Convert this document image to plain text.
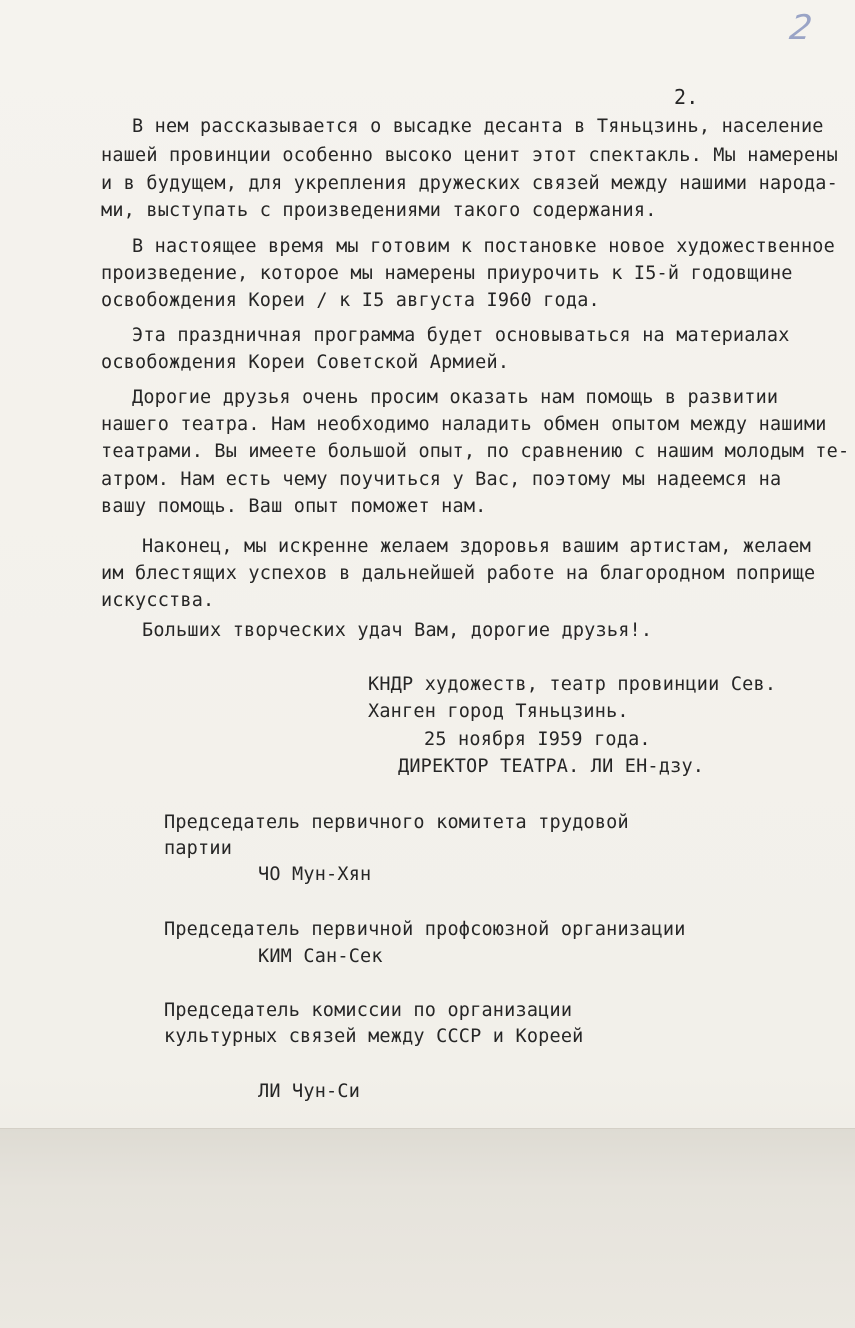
2
2.
В нем рассказывается о высадке десанта в Тяньцзинь, население
нашей провинции особенно высоко ценит этот спектакль. Мы намерены
и в будущем, для укрепления дружеских связей между нашими народа-
ми, выступать с произведениями такого содержания.
В настоящее время мы готовим к постановке новое художественное
произведение, которое мы намерены приурочить к I5-й годовщине
освобождения Кореи / к I5 августа I960 года.
Эта праздничная программа будет основываться на материалах
освобождения Кореи Советской Армией.
Дорогие друзья очень просим оказать нам помощь в развитии
нашего театра. Нам необходимо наладить обмен опытом между нашими
театрами. Вы имеете большой опыт, по сравнению с нашим молодым те-
атром. Нам есть чему поучиться у Вас, поэтому мы надеемся на
вашу помощь. Ваш опыт поможет нам.
Наконец, мы искренне желаем здоровья вашим артистам, желаем
им блестящих успехов в дальнейшей работе на благородном поприще
искусства.
Больших творческих удач Вам, дорогие друзья!.
КНДР художеств, театр провинции Сев.
Ханген город Тяньцзинь.
25 ноября I959 года.
ДИРЕКТОР ТЕАТРА. ЛИ ЕН-дзу.
Председатель первичного комитета трудовой
партии
ЧО Мун-Хян
Председатель первичной профсоюзной организации
КИМ Сан-Сек
Председатель комиссии по организации
культурных связей между СССР и Кореей
ЛИ Чун-Си
